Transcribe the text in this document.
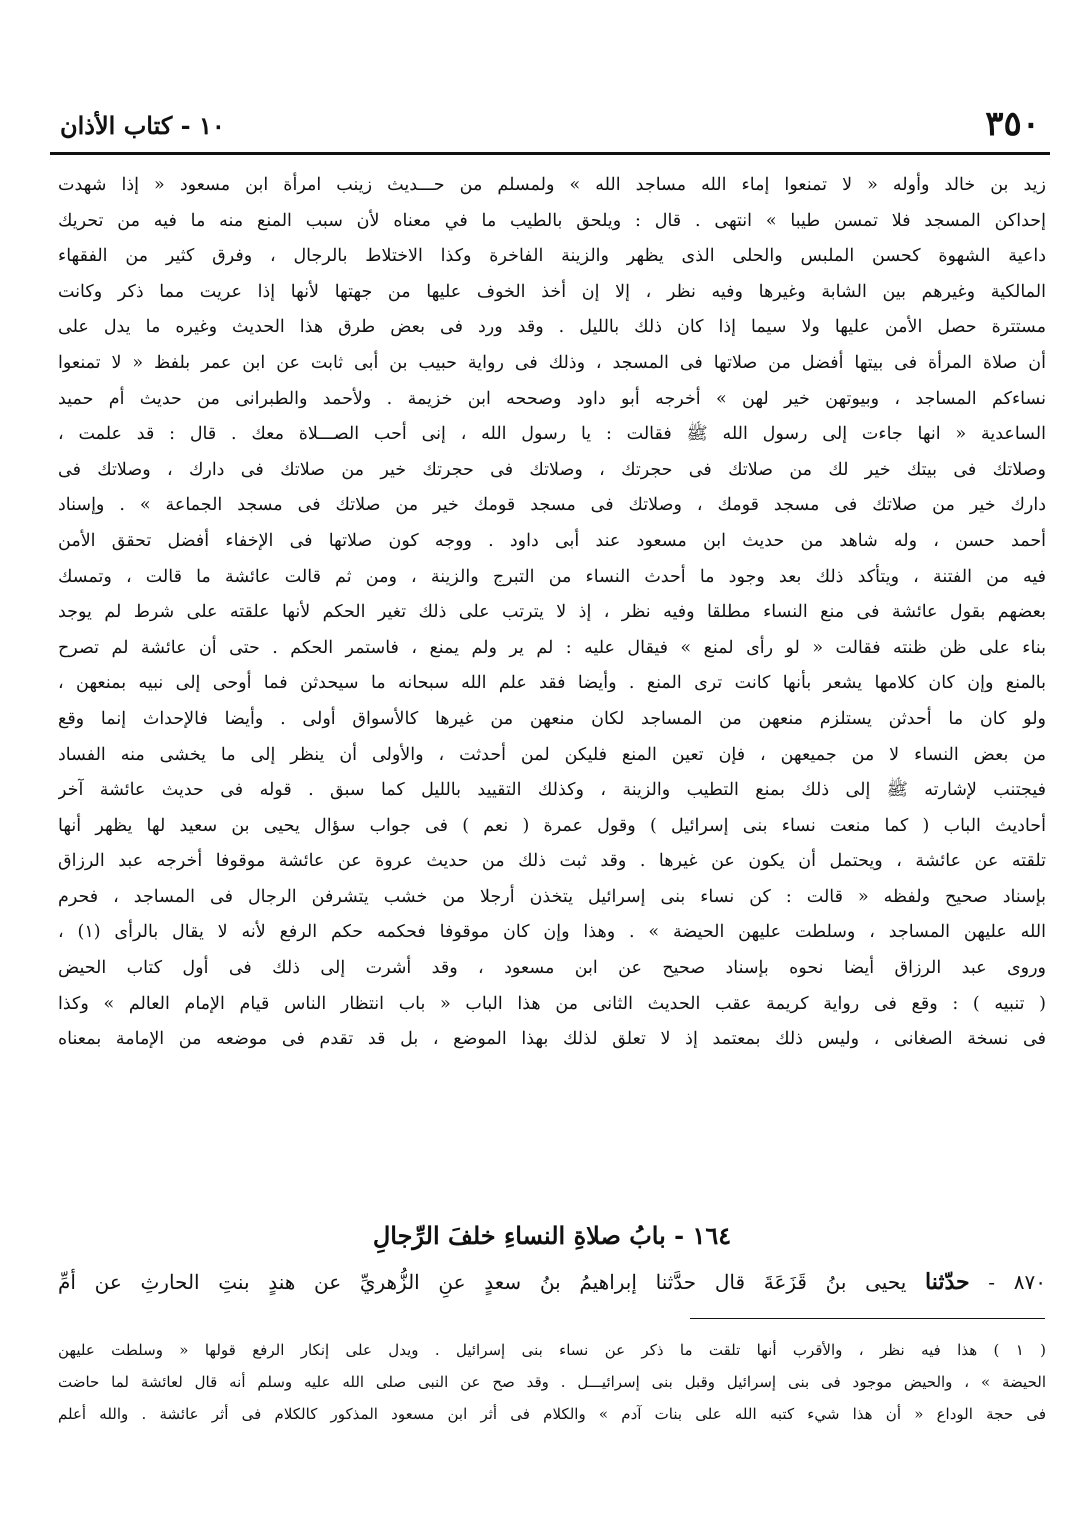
٣٥٠
١٠ - كتاب الأذان
زيد بن خالد وأوله « لا تمنعوا إماء الله مساجد الله » ولمسلم من حـــديث زينب امرأة ابن مسعود « إذا شهدت
إحداكن المسجد فلا تمسن طيبا » انتهى . قال : ويلحق بالطيب ما في معناه لأن سبب المنع منه ما فيه من تحريك
داعية الشهوة كحسن الملبس والحلى الذى يظهر والزينة الفاخرة وكذا الاختلاط بالرجال ، وفرق كثير من الفقهاء
المالكية وغيرهم بين الشابة وغيرها وفيه نظر ، إلا إن أخذ الخوف عليها من جهتها لأنها إذا عريت مما ذكر وكانت
مستترة حصل الأمن عليها ولا سيما إذا كان ذلك بالليل . وقد ورد فى بعض طرق هذا الحديث وغيره ما يدل على
أن صلاة المرأة فى بيتها أفضل من صلاتها فى المسجد ، وذلك فى رواية حبيب بن أبى ثابت عن ابن عمر بلفظ « لا تمنعوا
نساءكم المساجد ، وبيوتهن خير لهن » أخرجه أبو داود وصححه ابن خزيمة . ولأحمد والطبرانى من حديث أم حميد
الساعدية « انها جاءت إلى رسول الله ﷺ فقالت : يا رسول الله ، إنى أحب الصـــلاة معك . قال : قد علمت ،
وصلاتك فى بيتك خير لك من صلاتك فى حجرتك ، وصلاتك فى حجرتك خير من صلاتك فى دارك ، وصلاتك فى
دارك خير من صلاتك فى مسجد قومك ، وصلاتك فى مسجد قومك خير من صلاتك فى مسجد الجماعة » . وإسناد
أحمد حسن ، وله شاهد من حديث ابن مسعود عند أبى داود . ووجه كون صلاتها فى الإخفاء أفضل تحقق الأمن
فيه من الفتنة ، ويتأكد ذلك بعد وجود ما أحدث النساء من التبرج والزينة ، ومن ثم قالت عائشة ما قالت ، وتمسك
بعضهم بقول عائشة فى منع النساء مطلقا وفيه نظر ، إذ لا يترتب على ذلك تغير الحكم لأنها علقته على شرط لم يوجد
بناء على ظن ظنته فقالت « لو رأى لمنع » فيقال عليه : لم ير ولم يمنع ، فاستمر الحكم . حتى أن عائشة لم تصرح
بالمنع وإن كان كلامها يشعر بأنها كانت ترى المنع . وأيضا فقد علم الله سبحانه ما سيحدثن فما أوحى إلى نبيه بمنعهن ،
ولو كان ما أحدثن يستلزم منعهن من المساجد لكان منعهن من غيرها كالأسواق أولى . وأيضا فالإحداث إنما وقع
من بعض النساء لا من جميعهن ، فإن تعين المنع فليكن لمن أحدثت ، والأولى أن ينظر إلى ما يخشى منه الفساد
فيجتنب لإشارته ﷺ إلى ذلك بمنع التطيب والزينة ، وكذلك التقييد بالليل كما سبق . قوله فى حديث عائشة آخر
أحاديث الباب ( كما منعت نساء بنى إسرائيل ) وقول عمرة ( نعم ) فى جواب سؤال يحيى بن سعيد لها يظهر أنها
تلقته عن عائشة ، ويحتمل أن يكون عن غيرها . وقد ثبت ذلك من حديث عروة عن عائشة موقوفا أخرجه عبد الرزاق
بإسناد صحيح ولفظه « قالت : كن نساء بنى إسرائيل يتخذن أرجلا من خشب يتشرفن الرجال فى المساجد ، فحرم
الله عليهن المساجد ، وسلطت عليهن الحيضة » . وهذا وإن كان موقوفا فحكمه حكم الرفع لأنه لا يقال بالرأى (١) ،
وروى عبد الرزاق أيضا نحوه بإسناد صحيح عن ابن مسعود ، وقد أشرت إلى ذلك فى أول كتاب الحيض
( تنبيه ) : وقع فى رواية كريمة عقب الحديث الثانى من هذا الباب « باب انتظار الناس قيام الإمام العالم » وكذا
فى نسخة الصغانى ، وليس ذلك بمعتمد إذ لا تعلق لذلك بهذا الموضع ، بل قد تقدم فى موضعه من الإمامة بمعناه
١٦٤ - بابُ صلاةِ النساءِ خلفَ الرِّجالِ
٨٧٠ - حدّثنا يحيى بنُ قَزَعَةَ قال حدَّثنا إبراهيمُ بنُ سعدٍ عنِ الزُّهريِّ عن هندٍ بنتِ الحارثِ عن أمِّ
( ١ ) هذا فيه نظر ، والأقرب أنها تلقت ما ذكر عن نساء بنى إسرائيل . ويدل على إنكار الرفع قولها « وسلطت عليهن
الحيضة » ، والحيض موجود فى بنى إسرائيل وقبل بنى إسرائيـــل . وقد صح عن النبى صلى الله عليه وسلم أنه قال لعائشة لما حاضت
فى حجة الوداع « أن هذا شيء كتبه الله على بنات آدم » والكلام فى أثر ابن مسعود المذكور كالكلام فى أثر عائشة . والله أعلم
